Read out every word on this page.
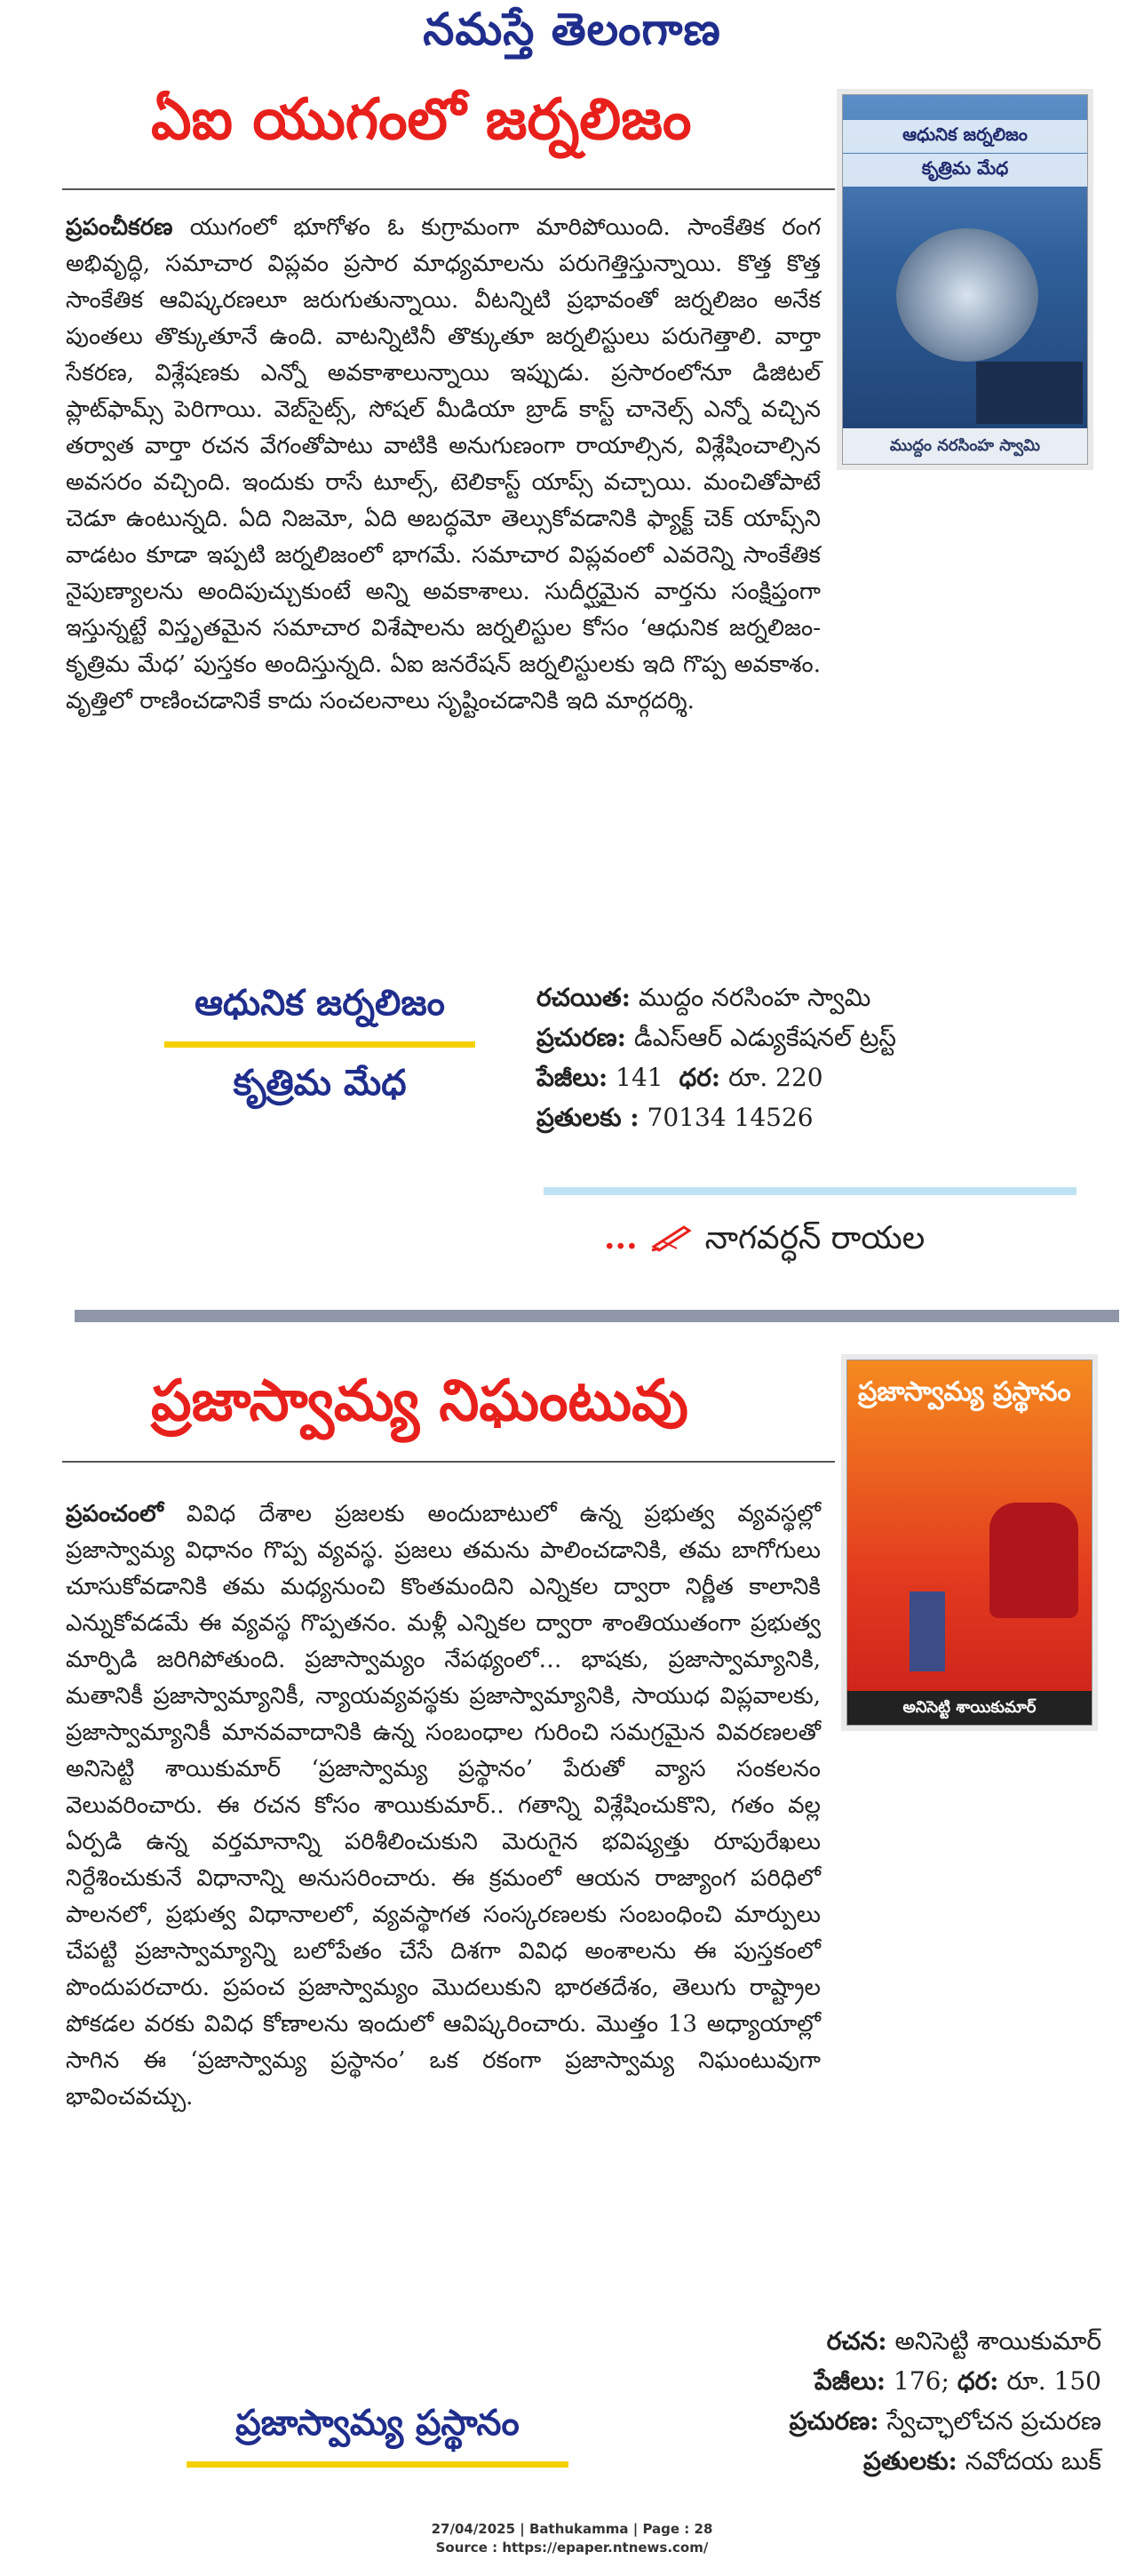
నమస్తే తెలంగాణ
ఏఐ యుగంలో జర్నలిజం	ఆధునిక జర్నలిజం
కృత్రిమ మేధ
ముద్దం నరసింహ స్వామి
ప్రపంచీకరణ యుగంలో భూగోళం ఓ కుగ్రామంగా మారిపోయింది. సాంకేతిక రంగ అభివృద్ధి, సమాచార విప్లవం ప్రసార మాధ్యమాలను పరుగెత్తిస్తున్నాయి. కొత్త కొత్త సాంకేతిక ఆవిష్కరణలూ జరుగుతున్నాయి. వీటన్నిటి ప్రభావంతో జర్నలిజం అనేక పుంతలు తొక్కుతూనే ఉంది. వాటన్నిటినీ తొక్కుతూ జర్నలిస్టులు పరుగెత్తాలి. వార్తా సేకరణ, విశ్లేషణకు ఎన్నో అవకాశాలున్నాయి ఇప్పుడు. ప్రసారంలోనూ డిజిటల్ ప్లాట్‌ఫామ్స్ పెరిగాయి. వెబ్‌సైట్స్, సోషల్ మీడియా బ్రాడ్ కాస్ట్ చానెల్స్ ఎన్నో వచ్చిన తర్వాత వార్తా రచన వేగంతోపాటు వాటికి అనుగుణంగా రాయాల్సిన, విశ్లేషించాల్సిన అవసరం వచ్చింది. ఇందుకు రాసే టూల్స్, టెలికాస్ట్ యాప్స్ వచ్చాయి. మంచితోపాటే చెడూ ఉంటున్నది. ఏది నిజమో, ఏది అబద్ధమో తెల్సుకోవడానికి ఫ్యాక్ట్ చెక్ యాప్స్‌ని వాడటం కూడా ఇప్పటి జర్నలిజంలో భాగమే. సమాచార విప్లవంలో ఎవరెన్ని సాంకేతిక నైపుణ్యాలను అందిపుచ్చుకుంటే అన్ని అవకాశాలు. సుదీర్ఘమైన వార్తను సంక్షిప్తంగా ఇస్తున్నట్టే విస్తృతమైన సమాచార విశేషాలను జర్నలిస్టుల కోసం ‘ఆధునిక జర్నలిజం-కృత్రిమ మేధ’ పుస్తకం అందిస్తున్నది. ఏఐ జనరేషన్ జర్నలిస్టులకు ఇది గొప్ప అవకాశం. వృత్తిలో రాణించడానికే కాదు సంచలనాలు సృష్టించడానికి ఇది మార్గదర్శి.
ఆధునిక జర్నలిజం
కృత్రిమ మేధ
రచయిత: ముద్దం నరసింహ స్వామి
ప్రచురణ: డీఎస్‌ఆర్ ఎడ్యుకేషనల్ ట్రస్ట్
పేజీలు: 141 ధర: రూ. 220
ప్రతులకు : 70134 14526
... నాగవర్ధన్ రాయల
ప్రజాస్వామ్య నిఘంటువు	ప్రజాస్వామ్య ప్రస్థానం
అనిసెట్టి శాయికుమార్
ప్రపంచంలో వివిధ దేశాల ప్రజలకు అందుబాటులో ఉన్న ప్రభుత్వ వ్యవస్థల్లో ప్రజాస్వామ్య విధానం గొప్ప వ్యవస్థ. ప్రజలు తమను పాలించడానికి, తమ బాగోగులు చూసుకోవడానికి తమ మధ్యనుంచి కొంతమందిని ఎన్నికల ద్వారా నిర్ణీత కాలానికి ఎన్నుకోవడమే ఈ వ్యవస్థ గొప్పతనం. మళ్లీ ఎన్నికల ద్వారా శాంతియుతంగా ప్రభుత్వ మార్పిడి జరిగిపోతుంది. ప్రజాస్వామ్యం నేపథ్యంలో… భాషకు, ప్రజాస్వామ్యానికి, మతానికీ ప్రజాస్వామ్యానికీ, న్యాయవ్యవస్థకు ప్రజాస్వామ్యానికి, సాయుధ విప్లవాలకు, ప్రజాస్వామ్యానికీ మానవవాదానికి ఉన్న సంబంధాల గురించి సమగ్రమైన వివరణలతో అనిసెట్టి శాయికుమార్ ‘ప్రజాస్వామ్య ప్రస్థానం’ పేరుతో వ్యాస సంకలనం వెలువరించారు. ఈ రచన కోసం శాయికుమార్.. గతాన్ని విశ్లేషించుకొని, గతం వల్ల ఏర్పడి ఉన్న వర్తమానాన్ని పరిశీలించుకుని మెరుగైన భవిష్యత్తు రూపురేఖలు నిర్దేశించుకునే విధానాన్ని అనుసరించారు. ఈ క్రమంలో ఆయన రాజ్యాంగ పరిధిలో పాలనలో, ప్రభుత్వ విధానాలలో, వ్యవస్థాగత సంస్కరణలకు సంబంధించి మార్పులు చేపట్టి ప్రజాస్వామ్యాన్ని బలోపేతం చేసే దిశగా వివిధ అంశాలను ఈ పుస్తకంలో పొందుపరచారు. ప్రపంచ ప్రజాస్వామ్యం మొదలుకుని భారతదేశం, తెలుగు రాష్ట్రాల పోకడల వరకు వివిధ కోణాలను ఇందులో ఆవిష్కరించారు. మొత్తం 13 అధ్యాయాల్లో సాగిన ఈ ‘ప్రజాస్వామ్య ప్రస్థానం’ ఒక రకంగా ప్రజాస్వామ్య నిఘంటువుగా భావించవచ్చు.
రచన: అనిసెట్టి శాయికుమార్
పేజీలు: 176; ధర: రూ. 150
ప్రచురణ: స్వేచ్ఛాలోచన ప్రచురణ
ప్రతులకు: నవోదయ బుక్
ప్రజాస్వామ్య ప్రస్థానం
27/04/2025 | Bathukamma | Page : 28
Source : https://epaper.ntnews.com/
